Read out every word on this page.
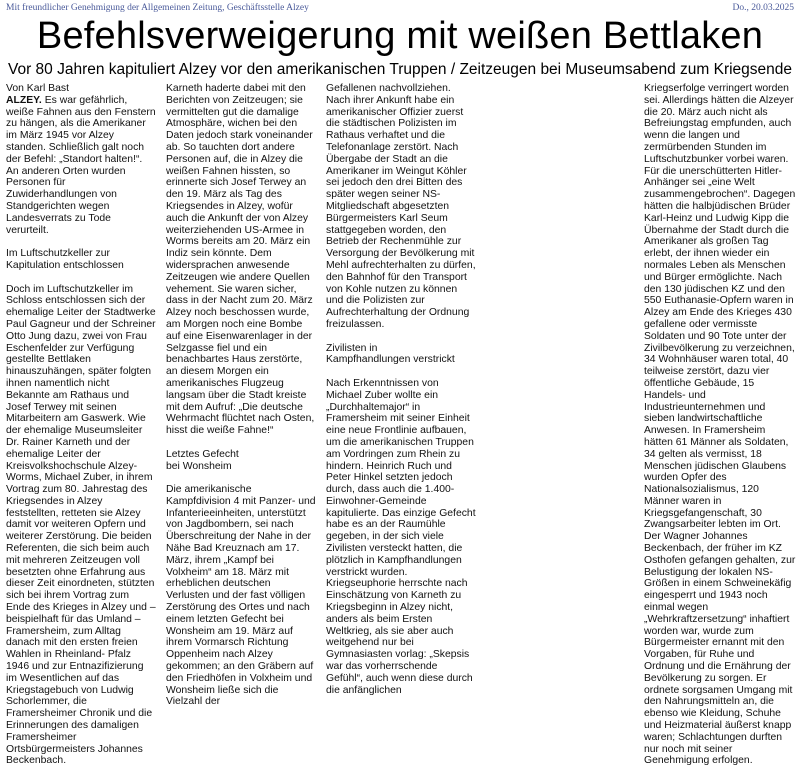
Mit freundlicher Genehmigung der Allgemeinen Zeitung, Geschäftsstelle Alzey	Do., 20.03.2025
Befehlsverweigerung mit weißen Bettlaken
Vor 80 Jahren kapituliert Alzey vor den amerikanischen Truppen / Zeitzeugen bei Museumsabend zum Kriegsende
Von Karl Bast

ALZEY. Es war gefährlich, weiße Fahnen aus den Fenstern zu hängen, als die Amerikaner im März 1945 vor Alzey standen. Schließlich galt noch der Befehl: „Standort halten!“. An anderen Orten wurden Personen für Zuwiderhandlungen von Standgerichten wegen Landesverrats zu Tode verurteilt.

Im Luftschutzkeller zur
Kapitulation entschlossen

Doch im Luftschutzkeller im Schloss entschlossen sich der ehemalige Leiter der Stadtwerke Paul Gagneur und der Schreiner Otto Jung dazu, zwei von Frau Eschenfelder zur Verfügung gestellte Bettlaken hinauszuhängen, später folgten ihnen namentlich nicht Bekannte am Rathaus und Josef Terwey mit seinen Mitarbeitern am Gaswerk. Wie der ehemalige Museumsleiter Dr. Rainer Karneth und der ehemalige Leiter der Kreisvolkshochschule Alzey- Worms, Michael Zuber, in ihrem Vortrag zum 80. Jahrestag des Kriegsendes in Alzey feststellten, retteten sie Alzey damit vor weiteren Opfern und weiterer Zerstörung. Die beiden Referenten, die sich beim auch mit mehreren Zeitzeugen voll besetzten ohne Erfahrung aus dieser Zeit einordneten, stützten sich bei ihrem Vortrag zum Ende des Krieges in Alzey und – beispielhaft für das Umland – Framersheim, zum Alltag danach mit den ersten freien Wahlen in Rheinland- Pfalz 1946 und zur Entnazifizierung im Wesentlichen auf das Kriegstagebuch von Ludwig Schorlemmer, die Framersheimer Chronik und die Erinnerungen des damaligen Framersheimer Ortsbürgermeisters Johannes Beckenbach.

Karneth haderte dabei mit den Berichten von Zeitzeugen; sie vermittelten gut die damalige Atmosphäre, wichen bei den Daten jedoch stark voneinander ab. So tauchten dort andere Personen auf, die in Alzey die weißen Fahnen hissten, so erinnerte sich Josef Terwey an den 19. März als Tag des Kriegsendes in Alzey, wofür auch die Ankunft der von Alzey weiterziehenden US-Armee in Worms bereits am 20. März ein Indiz sein könnte. Dem widersprachen anwesende Zeitzeugen wie andere Quellen vehement. Sie waren sicher, dass in der Nacht zum 20. März Alzey noch beschossen wurde, am Morgen noch eine Bombe auf eine Eisenwarenlager in der Selzgasse fiel und ein benachbartes Haus zerstörte, an diesem Morgen ein amerikanisches Flugzeug langsam über die Stadt kreiste mit dem Aufruf: „Die deutsche Wehrmacht flüchtet nach Osten, hisst die weiße Fahne!“

Letztes Gefecht
bei Wonsheim

Die amerikanische Kampfdivision 4 mit Panzer- und Infanterieeinheiten, unterstützt von Jagdbombern, sei nach Überschreitung der Nahe in der Nähe Bad Kreuznach am 17. März, ihrem „Kampf bei Volxheim“ am 18. März mit erheblichen deutschen Verlusten und der fast völligen Zerstörung des Ortes und nach einem letzten Gefecht bei Wonsheim am 19. März auf ihrem Vormarsch Richtung Oppenheim nach Alzey gekommen; an den Gräbern auf den Friedhöfen in Volxheim und Wonsheim ließe sich die Vielzahl der

Gefallenen nachvollziehen. Nach ihrer Ankunft habe ein amerikanischer Offizier zuerst die städtischen Polizisten im Rathaus verhaftet und die Telefonanlage zerstört. Nach Übergabe der Stadt an die Amerikaner im Weingut Köhler sei jedoch den drei Bitten des später wegen seiner NS-Mitgliedschaft abgesetzten Bürgermeisters Karl Seum stattgegeben worden, den Betrieb der Rechenmühle zur Versorgung der Bevölkerung mit Mehl aufrechterhalten zu dürfen, den Bahnhof für den Transport von Kohle nutzen zu können und die Polizisten zur Aufrechterhaltung der Ordnung freizulassen.

Zivilisten in
Kampfhandlungen verstrickt

Nach Erkenntnissen von Michael Zuber wollte ein „Durchhaltemajor“ in Framersheim mit seiner Einheit eine neue Frontlinie aufbauen, um die amerikanischen Truppen am Vordringen zum Rhein zu hindern. Heinrich Ruch und Peter Hinkel setzten jedoch durch, dass auch die 1.400-Einwohner-Gemeinde kapitulierte. Das einzige Gefecht habe es an der Raumühle gegeben, in der sich viele Zivilisten versteckt hatten, die plötzlich in Kampfhandlungen verstrickt wurden. Kriegseuphorie herrschte nach Einschätzung von Karneth zu Kriegsbeginn in Alzey nicht, anders als beim Ersten Weltkrieg, als sie aber auch weitgehend nur bei Gymnasiasten vorlag: „Skepsis war das vorherrschende Gefühl“, auch wenn diese durch die anfänglichen

Kriegserfolge verringert worden sei. Allerdings hätten die Alzeyer die 20. März auch nicht als Befreiungstag empfunden, auch wenn die langen und zermürbenden Stunden im Luftschutzbunker vorbei waren. Für die unerschütterten Hitler- Anhänger sei „eine Welt zusammengebrochen“. Dagegen hätten die halbjüdischen Brüder Karl-Heinz und Ludwig Kipp die Übernahme der Stadt durch die Amerikaner als großen Tag erlebt, der ihnen wieder ein normales Leben als Menschen und Bürger ermöglichte. Nach den 130 jüdischen KZ und den 550 Euthanasie-Opfern waren in Alzey am Ende des Krieges 430 gefallene oder vermisste Soldaten und 90 Tote unter der Zivilbevölkerung zu verzeichnen, 34 Wohnhäuser waren total, 40 teilweise zerstört, dazu vier öffentliche Gebäude, 15 Handels- und Industrieunternehmen und sieben landwirtschaftliche Anwesen. In Framersheim hätten 61 Männer als Soldaten, 34 gelten als vermisst, 18 Menschen jüdischen Glaubens wurden Opfer des Nationalsozialismus, 120 Männer waren in Kriegsgefangenschaft, 30 Zwangsarbeiter lebten im Ort. Der Wagner Johannes Beckenbach, der früher im KZ Osthofen gefangen gehalten, zur Belustigung der lokalen NS-Größen in einem Schweinekäfig eingesperrt und 1943 noch einmal wegen „Wehrkraftzersetzung“ inhaftiert worden war, wurde zum Bürgermeister ernannt mit den Vorgaben, für Ruhe und Ordnung und die Ernährung der Bevölkerung zu sorgen. Er ordnete sorgsamen Umgang mit den Nahrungsmitteln an, die ebenso wie Kleidung, Schuhe und Heizmaterial äußerst knapp waren; Schlachtungen durften nur noch mit seiner Genehmigung erfolgen.
